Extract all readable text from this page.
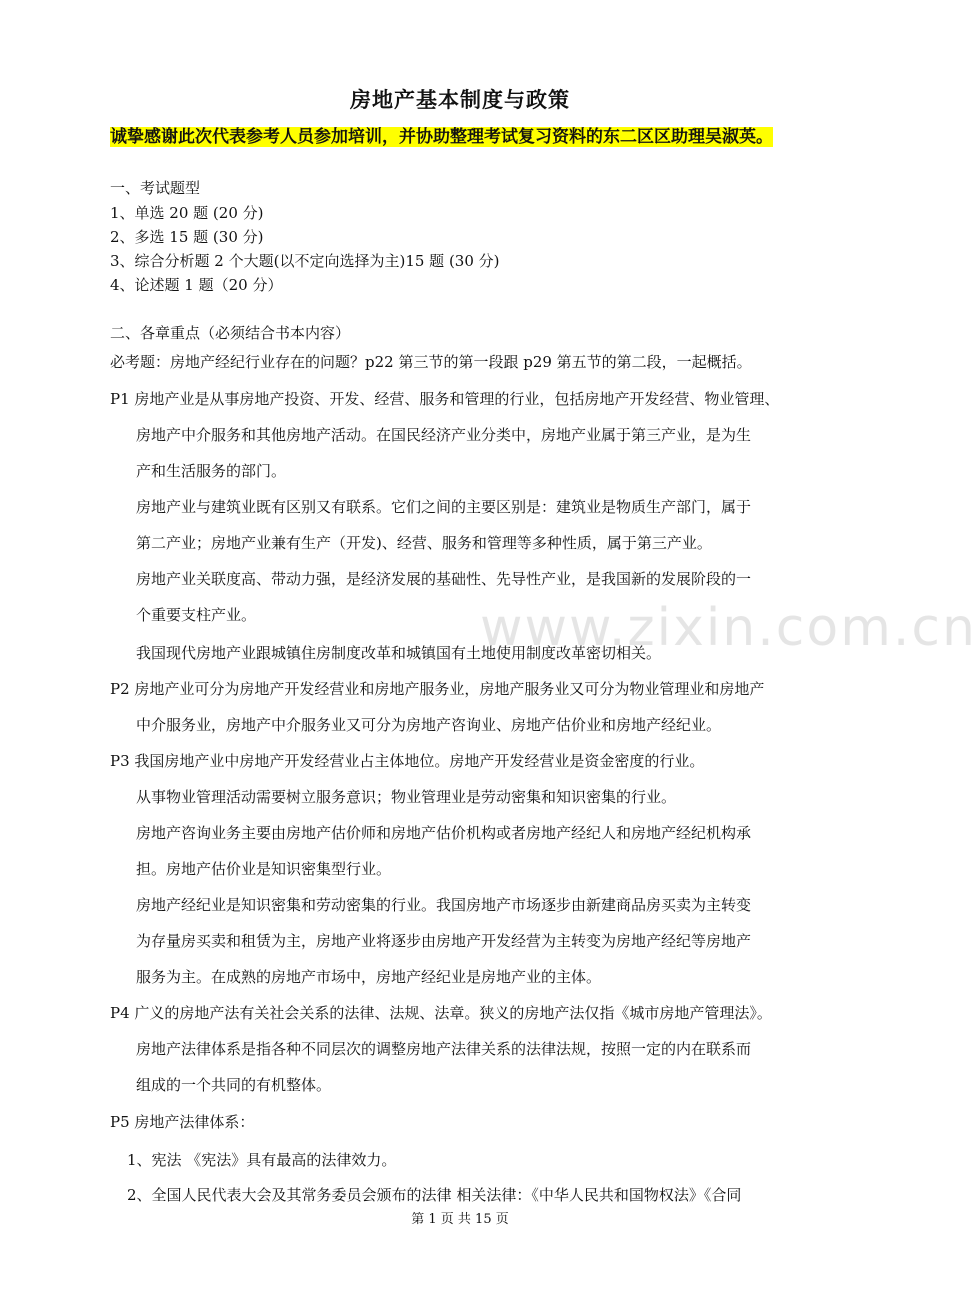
www.zixin.com.cn
房地产基本制度与政策
诚挚感谢此次代表参考人员参加培训，并协助整理考试复习资料的东二区区助理吴淑英。
一、考试题型
1、单选 20 题 (20 分)
2、多选 15 题 (30 分)
3、综合分析题 2 个大题(以不定向选择为主)15 题 (30 分)
4、论述题 1 题（20 分）
二、各章重点（必须结合书本内容）
必考题：房地产经纪行业存在的问题？p22 第三节的第一段跟 p29 第五节的第二段，一起概括。
P1 房地产业是从事房地产投资、开发、经营、服务和管理的行业，包括房地产开发经营、物业管理、
房地产中介服务和其他房地产活动。在国民经济产业分类中，房地产业属于第三产业，是为生
产和生活服务的部门。
房地产业与建筑业既有区别又有联系。它们之间的主要区别是：建筑业是物质生产部门，属于
第二产业；房地产业兼有生产（开发)、经营、服务和管理等多种性质，属于第三产业。
房地产业关联度高、带动力强，是经济发展的基础性、先导性产业，是我国新的发展阶段的一
个重要支柱产业。
我国现代房地产业跟城镇住房制度改革和城镇国有土地使用制度改革密切相关。
P2 房地产业可分为房地产开发经营业和房地产服务业，房地产服务业又可分为物业管理业和房地产
中介服务业，房地产中介服务业又可分为房地产咨询业、房地产估价业和房地产经纪业。
P3 我国房地产业中房地产开发经营业占主体地位。房地产开发经营业是资金密度的行业。
从事物业管理活动需要树立服务意识；物业管理业是劳动密集和知识密集的行业。
房地产咨询业务主要由房地产估价师和房地产估价机构或者房地产经纪人和房地产经纪机构承
担。房地产估价业是知识密集型行业。
房地产经纪业是知识密集和劳动密集的行业。我国房地产市场逐步由新建商品房买卖为主转变
为存量房买卖和租赁为主，房地产业将逐步由房地产开发经营为主转变为房地产经纪等房地产
服务为主。在成熟的房地产市场中，房地产经纪业是房地产业的主体。
P4 广义的房地产法有关社会关系的法律、法规、法章。狭义的房地产法仅指《城市房地产管理法》。
房地产法律体系是指各种不同层次的调整房地产法律关系的法律法规，按照一定的内在联系而
组成的一个共同的有机整体。
P5 房地产法律体系：
1、宪法 《宪法》具有最高的法律效力。
2、全国人民代表大会及其常务委员会颁布的法律 相关法律：《中华人民共和国物权法》《合同
第 1 页 共 15 页
